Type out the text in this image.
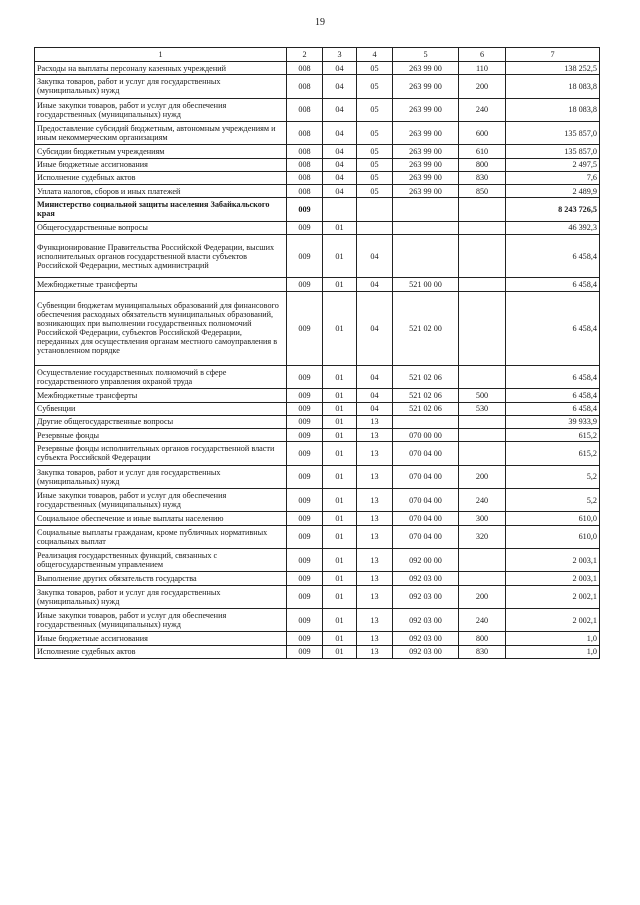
19
1	2	3	4	5	6	7
Расходы на выплаты персоналу казенных учреждений	008	04	05	263 99 00	110	138 252,5
Закупка товаров, работ и услуг для государственных (муниципальных) нужд	008	04	05	263 99 00	200	18 083,8
Иные закупки товаров, работ и услуг для обеспечения государственных (муниципальных) нужд	008	04	05	263 99 00	240	18 083,8
Предоставление субсидий бюджетным, автономным учреждениям и иным некоммерческим организациям	008	04	05	263 99 00	600	135 857,0
Субсидии бюджетным учреждениям	008	04	05	263 99 00	610	135 857,0
Иные бюджетные ассигнования	008	04	05	263 99 00	800	2 497,5
Исполнение судебных актов	008	04	05	263 99 00	830	7,6
Уплата налогов, сборов и иных платежей	008	04	05	263 99 00	850	2 489,9
Министерство социальной защиты населения Забайкальского края	009					8 243 726,5
Общегосударственные вопросы	009	01				46 392,3
Функционирование Правительства Российской Федерации, высших исполнительных органов государственной власти субъектов Российской Федерации, местных администраций	009	01	04			6 458,4
Межбюджетные трансферты	009	01	04	521 00 00		6 458,4
Субвенции бюджетам муниципальных образований для финансового обеспечения расходных обязательств муниципальных образований, возникающих при выполнении государственных полномочий Российской Федерации, субъектов Российской Федерации, переданных для осуществления органам местного самоуправления в установленном порядке	009	01	04	521 02 00		6 458,4
Осуществление государственных полномочий в сфере государственного управления охраной труда	009	01	04	521 02 06		6 458,4
Межбюджетные трансферты	009	01	04	521 02 06	500	6 458,4
Субвенции	009	01	04	521 02 06	530	6 458,4
Другие общегосударственные вопросы	009	01	13			39 933,9
Резервные фонды	009	01	13	070 00 00		615,2
Резервные фонды исполнительных органов государственной власти субъекта Российской Федерации	009	01	13	070 04 00		615,2
Закупка товаров, работ и услуг для государственных (муниципальных) нужд	009	01	13	070 04 00	200	5,2
Иные закупки товаров, работ и услуг для обеспечения государственных (муниципальных) нужд	009	01	13	070 04 00	240	5,2
Социальное обеспечение и иные выплаты населению	009	01	13	070 04 00	300	610,0
Социальные выплаты гражданам, кроме публичных нормативных социальных выплат	009	01	13	070 04 00	320	610,0
Реализация государственных функций, связанных с общегосударственным управлением	009	01	13	092 00 00		2 003,1
Выполнение других обязательств государства	009	01	13	092 03 00		2 003,1
Закупка товаров, работ и услуг для государственных (муниципальных) нужд	009	01	13	092 03 00	200	2 002,1
Иные закупки товаров, работ и услуг для обеспечения государственных (муниципальных) нужд	009	01	13	092 03 00	240	2 002,1
Иные бюджетные ассигнования	009	01	13	092 03 00	800	1,0
Исполнение судебных актов	009	01	13	092 03 00	830	1,0
